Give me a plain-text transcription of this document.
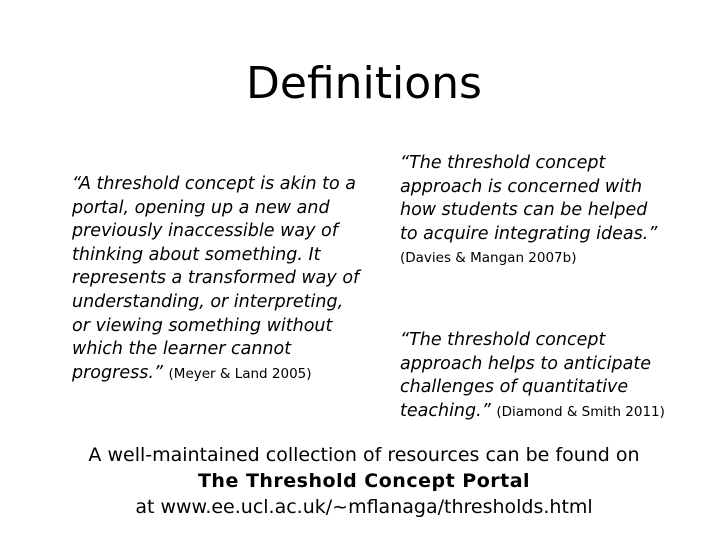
Definitions
“A threshold concept is akin to a portal, opening up a new and previously inaccessible way of thinking about something. It represents a transformed way of understanding, or interpreting, or viewing something without which the learner cannot progress.” (Meyer & Land 2005)
“The threshold concept approach is concerned with how students can be helped to acquire integrating ideas.” (Davies & Mangan 2007b)
“The threshold concept approach helps to anticipate challenges of quantitative teaching.” (Diamond & Smith 2011)
A well-maintained collection of resources can be found on
The Threshold Concept Portal
at www.ee.ucl.ac.uk/~mflanaga/thresholds.html
